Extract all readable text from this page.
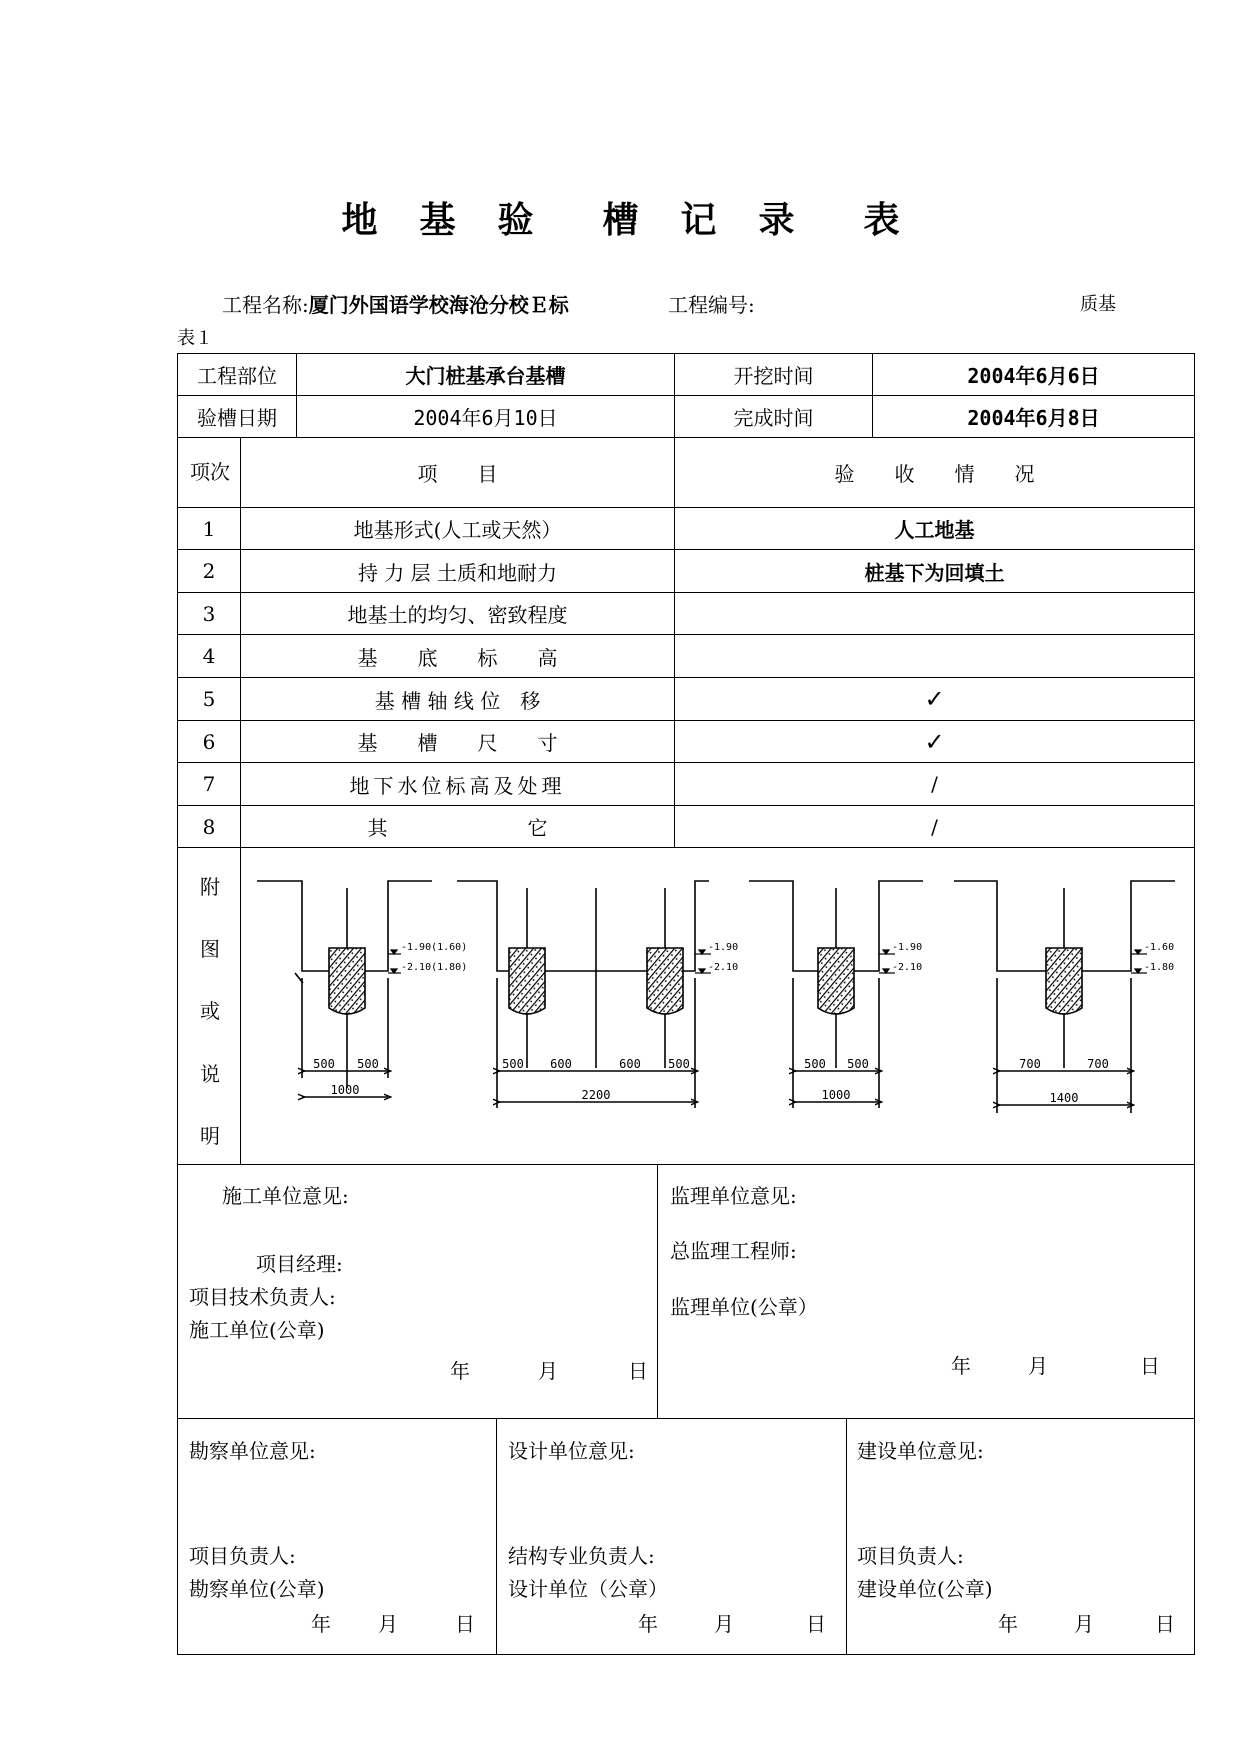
地 基 验 槽 记 录 表
工程名称:厦门外国语学校海沧分校Ｅ标	工程编号:	质基
表１
工程部位	大门桩基承台基槽	开挖时间	2004年6月6日
验槽日期	2004年6月10日	完成时间	2004年6月8日
项次	项　　目	验　　收　　情　　况
1	地基形式(人工或天然）	人工地基
2	持 力 层 土质和地耐力	桩基下为回填土
3	地基土的均匀、密致程度
4	基　　底　　标　　高
5	基 槽 轴 线 位　移	✓
6	基　　槽　　尺　　寸	✓
7	地下水位标高及处理	/
8	其　　　　　　　它	/
附
图
或
说
明
-1.90(1.60)
-2.10(1.80)
-1.90
-2.10
-1.90
-2.10
-1.60
-1.80
500 500
1000
500 600	600 500
2200
500 500
1000
700	700
1400
施工单位意见:
项目经理:
项目技术负责人:
施工单位(公章)
年	月	日
监理单位意见:
总监理工程师:
监理单位(公章）
年	月	日
勘察单位意见:
项目负责人:
勘察单位(公章)
年 月	日
设计单位意见:
结构专业负责人:
设计单位（公章）
年	月	日
建设单位意见:
项目负责人:
建设单位(公章)
年	月	日
